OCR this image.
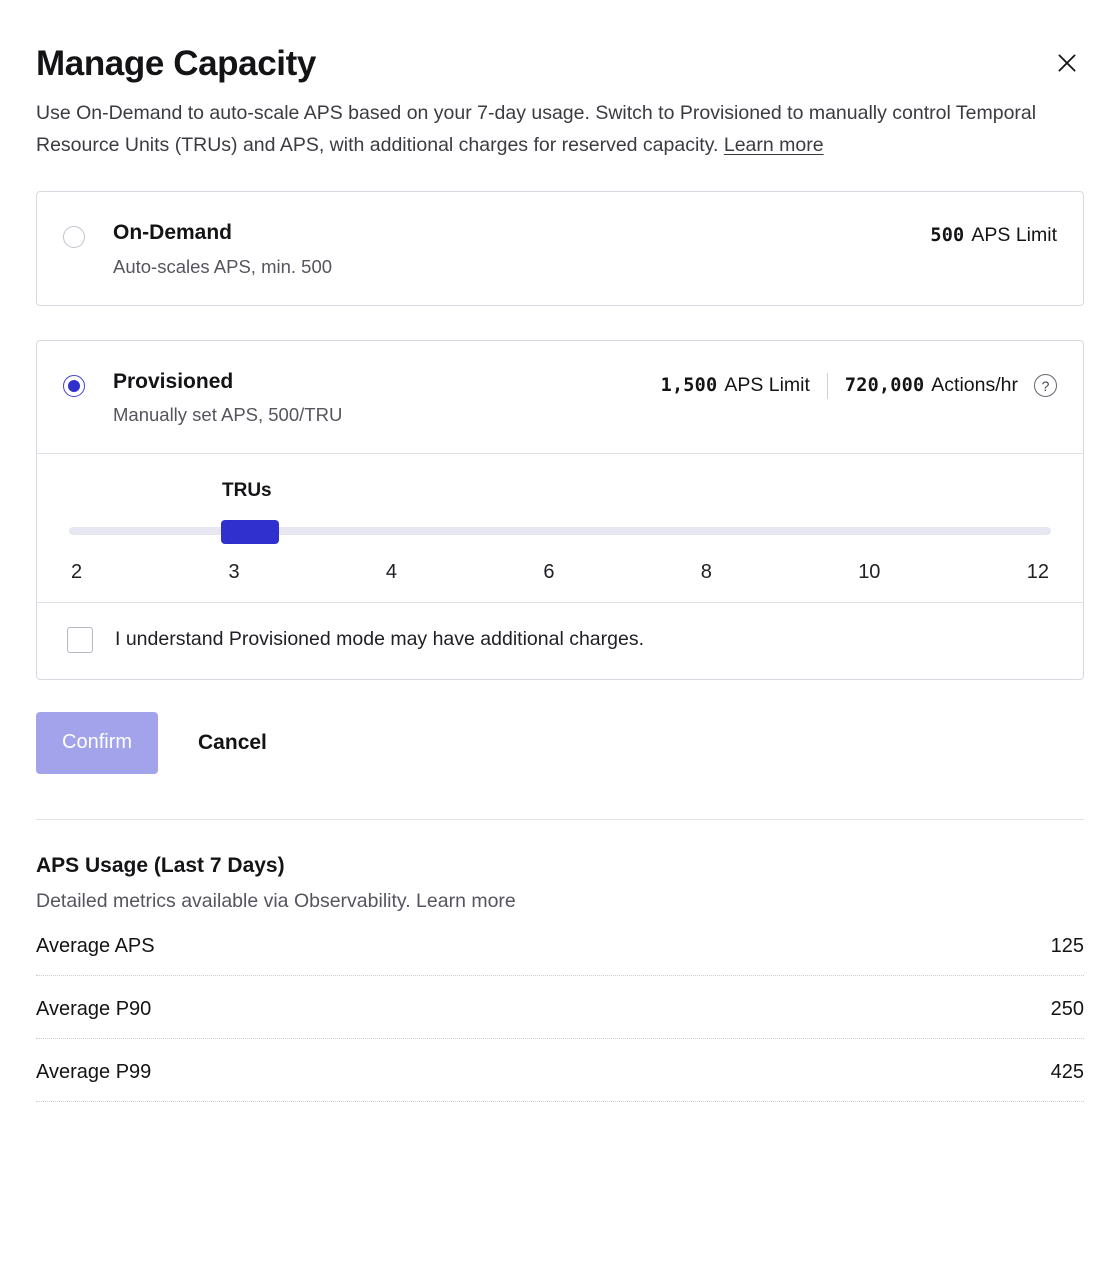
Manage Capacity
Use On-Demand to auto-scale APS based on your 7-day usage. Switch to Provisioned to manually control Temporal Resource Units (TRUs) and APS, with additional charges for reserved capacity. Learn more
On-Demand
Auto-scales APS, min. 500
500 APS Limit
Provisioned
Manually set APS, 500/TRU
1,500 APS Limit 720,000 Actions/hr	?
TRUs
2	3	4	6	8	10	12
I understand Provisioned mode may have additional charges.
Confirm	Cancel
APS Usage (Last 7 Days)
Detailed metrics available via Observability. Learn more
Average APS	125
Average P90	250
Average P99	425
